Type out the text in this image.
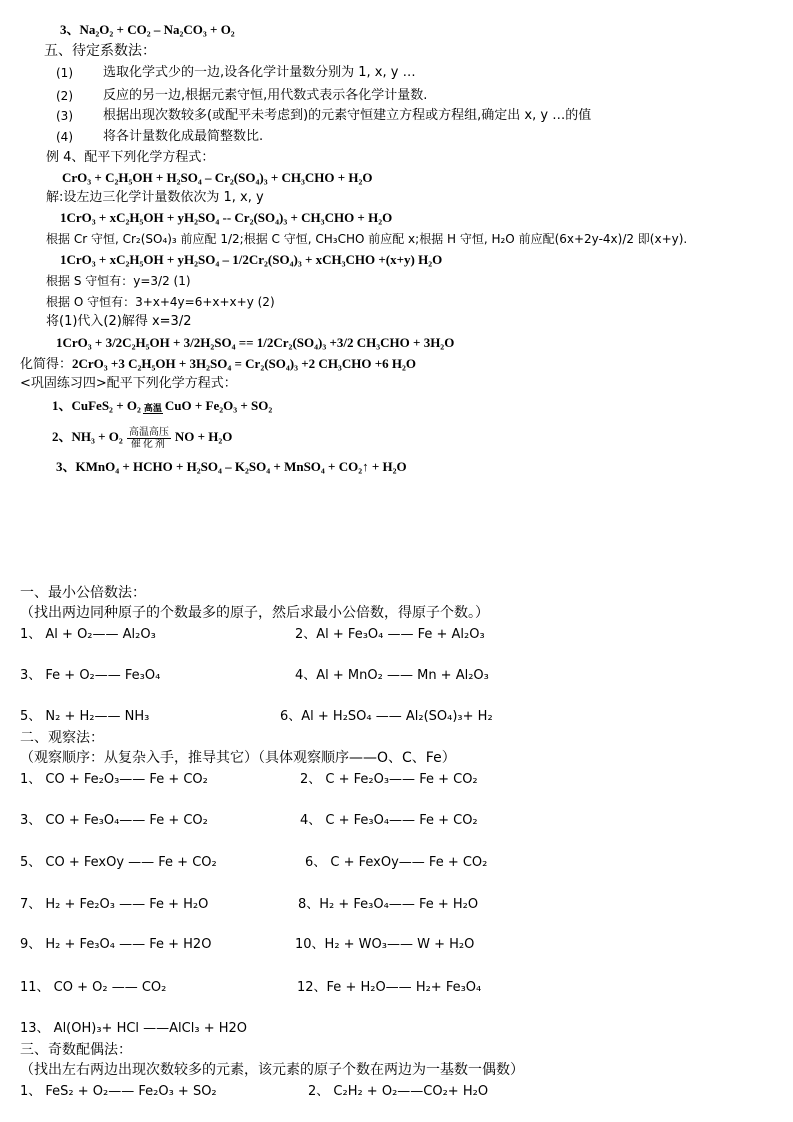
3、Na₂O₂ + CO₂ – Na₂CO₃ + O₂
五、待定系数法：
(1) 选取化学式少的一边,设各化学计量数分别为 1, x, y …
(2) 反应的另一边,根据元素守恒,用代数式表示各化学计量数.
(3) 根据出现次数较多(或配平未考虑到)的元素守恒建立方程或方程组,确定出 x, y …的值
(4) 将各计量数化成最简整数比.
例 4、配平下列化学方程式：
CrO₃ + C₂H₅OH + H₂SO₄ – Cr₂(SO₄)₃ + CH₃CHO + H₂O
解:设左边三化学计量数依次为 1, x, y
1CrO₃ + xC₂H₅OH + yH₂SO₄ -- Cr₂(SO₄)₃ + CH₃CHO + H₂O
根据 Cr 守恒, Cr₂(SO₄)₃ 前应配 1/2;根据 C 守恒, CH₃CHO 前应配 x;根据 H 守恒, H₂O 前应配(6x+2y-4x)/2 即(x+y).
1CrO₃ + xC₂H₅OH + yH₂SO₄ – 1/2Cr₂(SO₄)₃ + xCH₃CHO +(x+y) H₂O
根据 S 守恒有：y=3/2 (1)
根据 O 守恒有：3+x+4y=6+x+x+y (2)
将(1)代入(2)解得 x=3/2
1CrO₃ + 3/2C₂H₅OH + 3/2H₂SO₄ == 1/2Cr₂(SO₄)₃ +3/2 CH₃CHO + 3H₂O
化简得：2CrO₃ +3 C₂H₅OH + 3H₂SO₄ = Cr₂(SO₄)₃ +2 CH₃CHO +6 H₂O
<巩固练习四>配平下列化学方程式：
1、CuFeS₂ + O₂ 高温 CuO + Fe₂O₃ + SO₂
2、NH₃ + O₂ 高温高压
催化剂
NO + H₂O
3、KMnO₄ + HCHO + H₂SO₄ – K₂SO₄ + MnSO₄ + CO₂↑ + H₂O
一、最小公倍数法：
（找出两边同种原子的个数最多的原子，然后求最小公倍数，得原子个数。）
1、 Al + O₂—— Al₂O₃	2、Al + Fe₃O₄ —— Fe + Al₂O₃
3、 Fe + O₂—— Fe₃O₄	4、Al + MnO₂ —— Mn + Al₂O₃
5、 N₂ + H₂—— NH₃	6、Al + H₂SO₄ —— Al₂(SO₄)₃+ H₂
二、观察法：
（观察顺序：从复杂入手，推导其它）（具体观察顺序——O、C、Fe）
1、 CO + Fe₂O₃—— Fe + CO₂	2、 C + Fe₂O₃—— Fe + CO₂
3、 CO + Fe₃O₄—— Fe + CO₂	4、 C + Fe₃O₄—— Fe + CO₂
5、 CO + FexOy —— Fe + CO₂	6、 C + FexOy—— Fe + CO₂
7、 H₂ + Fe₂O₃ —— Fe + H₂O	8、H₂ + Fe₃O₄—— Fe + H₂O
9、 H₂ + Fe₃O₄ —— Fe + H2O	10、H₂ + WO₃—— W + H₂O
11、 CO + O₂ —— CO₂	12、Fe + H₂O—— H₂+ Fe₃O₄
13、 Al(OH)₃+ HCl ——AlCl₃ + H2O
三、奇数配偶法：
（找出左右两边出现次数较多的元素，该元素的原子个数在两边为一基数一偶数）
1、 FeS₂ + O₂—— Fe₂O₃ + SO₂	2、 C₂H₂ + O₂——CO₂+ H₂O
